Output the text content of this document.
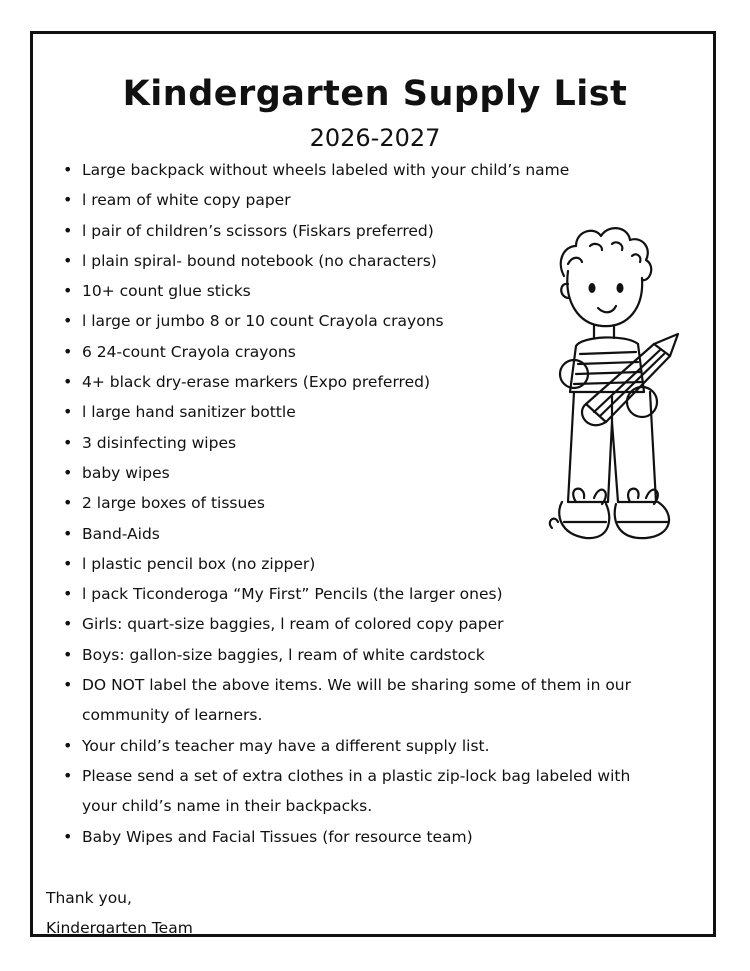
Kindergarten Supply List
2026-2027
• Large backpack without wheels labeled with your child’s name
• l ream of white copy paper
• l pair of children’s scissors (Fiskars preferred)
• l plain spiral- bound notebook (no characters)
• 10+ count glue sticks
• l large or jumbo 8 or 10 count Crayola crayons
• 6 24-count Crayola crayons
• 4+ black dry-erase markers (Expo preferred)
• l large hand sanitizer bottle
• 3 disinfecting wipes
• baby wipes
• 2 large boxes of tissues
• Band-Aids
• l plastic pencil box (no zipper)
• l pack Ticonderoga “My First” Pencils (the larger ones)
• Girls: quart-size baggies, l ream of colored copy paper
• Boys: gallon-size baggies, l ream of white cardstock
• DO NOT label the above items. We will be sharing some of them in our community of learners.
• Your child’s teacher may have a different supply list.
• Please send a set of extra clothes in a plastic zip-lock bag labeled with your child’s name in their backpacks.
• Baby Wipes and Facial Tissues (for resource team)
Thank you,
Kindergarten Team
